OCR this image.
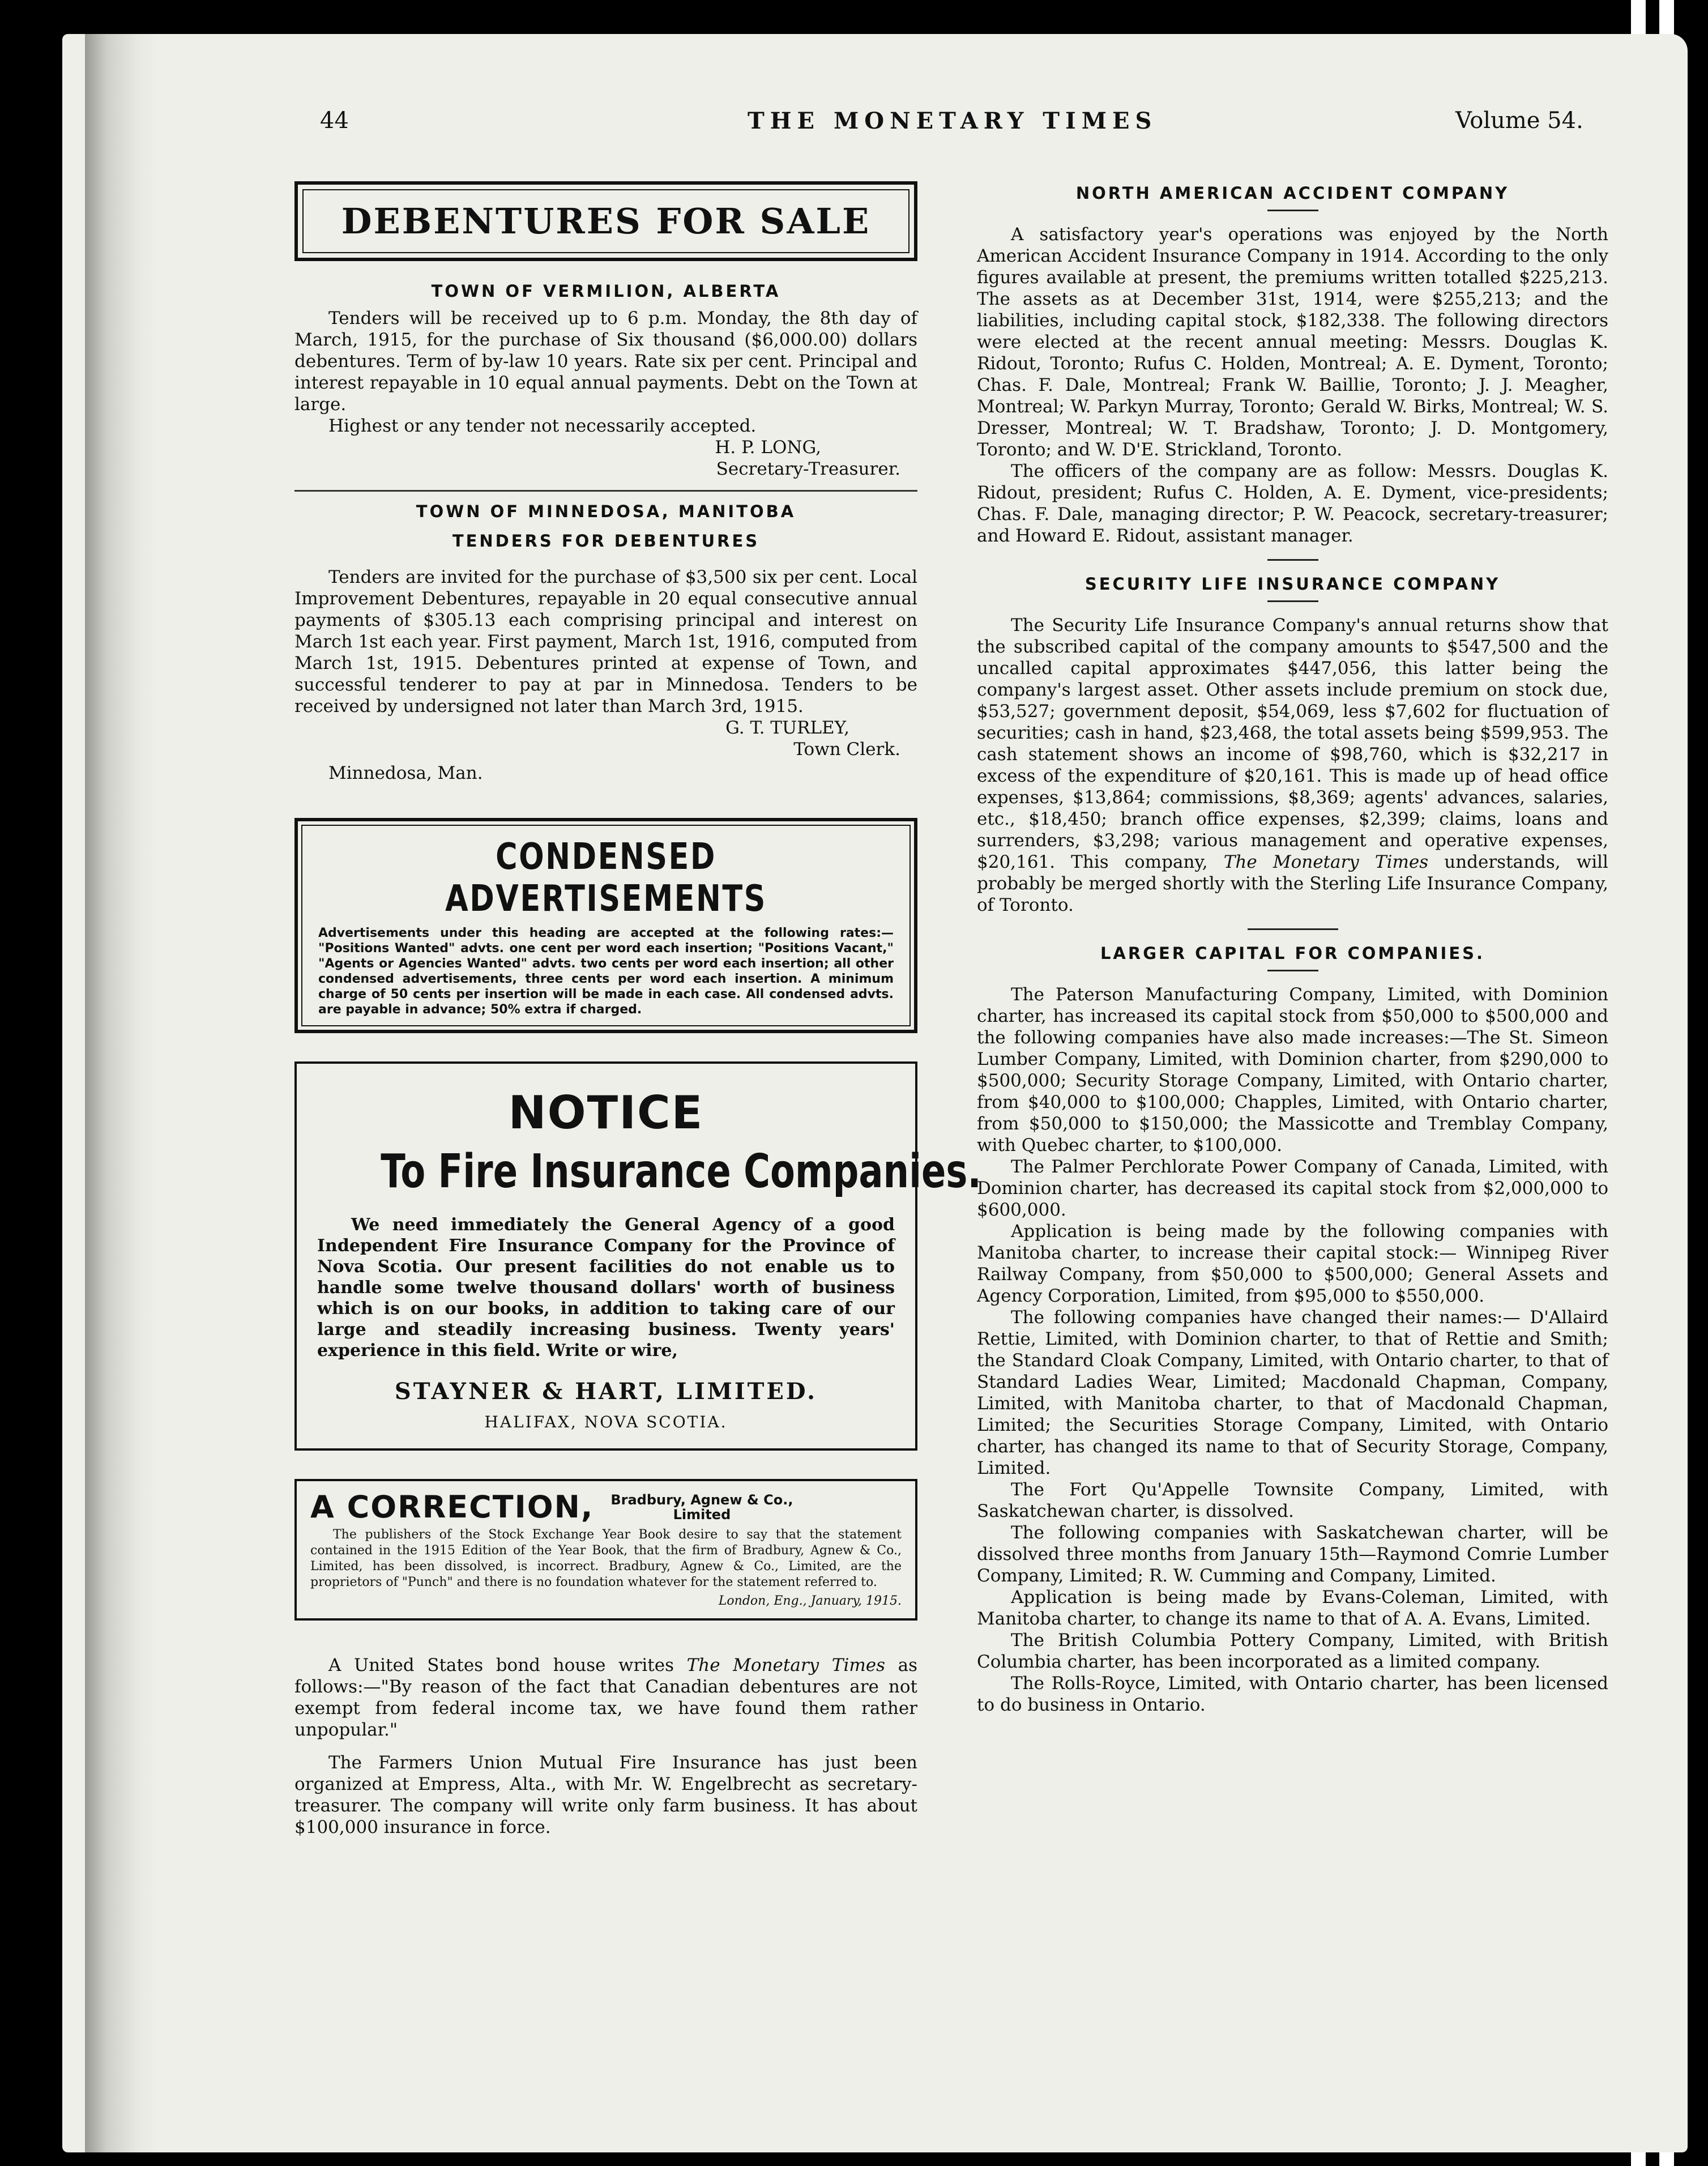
44	THE MONETARY TIMES	Volume 54.
DEBENTURES FOR SALE
TOWN OF VERMILION, ALBERTA

Tenders will be received up to 6 p.m. Monday, the 8th day of March, 1915, for the purchase of Six thousand ($6,000.00) dollars debentures. Term of by-law 10 years. Rate six per cent. Principal and interest repayable in 10 equal annual payments. Debt on the Town at large.

Highest or any tender not necessarily accepted.

H. P. LONG,
Secretary-Treasurer.
TOWN OF MINNEDOSA, MANITOBA
TENDERS FOR DEBENTURES

Tenders are invited for the purchase of $3,500 six per cent. Local Improvement Debentures, repayable in 20 equal consecutive annual payments of $305.13 each comprising principal and interest on March 1st each year. First payment, March 1st, 1916, computed from March 1st, 1915. Debentures printed at expense of Town, and successful tenderer to pay at par in Minnedosa. Tenders to be received by undersigned not later than March 3rd, 1915.

G. T. TURLEY,
Town Clerk.
Minnedosa, Man.
CONDENSED ADVERTISEMENTS
Advertisements under this heading are accepted at the following rates:— "Positions Wanted" advts. one cent per word each insertion; "Positions Vacant," "Agents or Agencies Wanted" advts. two cents per word each insertion; all other condensed advertisements, three cents per word each insertion. A minimum charge of 50 cents per insertion will be made in each case. All condensed advts. are payable in advance; 50% extra if charged.
NOTICE
To Fire Insurance Companies.
We need immediately the General Agency of a good Independent Fire Insurance Company for the Province of Nova Scotia. Our present facilities do not enable us to handle some twelve thousand dollars' worth of business which is on our books, in addition to taking care of our large and steadily increasing business. Twenty years' experience in this field. Write or wire,
STAYNER & HART, LIMITED.
HALIFAX, NOVA SCOTIA.
A CORRECTION, Bradbury, Agnew & Co.,
Limited
The publishers of the Stock Exchange Year Book desire to say that the statement contained in the 1915 Edition of the Year Book, that the firm of Bradbury, Agnew & Co., Limited, has been dissolved, is incorrect. Bradbury, Agnew & Co., Limited, are the proprietors of "Punch" and there is no foundation whatever for the statement referred to.
London, Eng., January, 1915.

A United States bond house writes The Monetary Times as follows:—"By reason of the fact that Canadian debentures are not exempt from federal income tax, we have found them rather unpopular."

The Farmers Union Mutual Fire Insurance has just been organized at Empress, Alta., with Mr. W. Engelbrecht as secretary-treasurer. The company will write only farm business. It has about $100,000 insurance in force.

NORTH AMERICAN ACCIDENT COMPANY

A satisfactory year's operations was enjoyed by the North American Accident Insurance Company in 1914. According to the only figures available at present, the premiums written totalled $225,213. The assets as at December 31st, 1914, were $255,213; and the liabilities, including capital stock, $182,338. The following directors were elected at the recent annual meeting: Messrs. Douglas K. Ridout, Toronto; Rufus C. Holden, Montreal; A. E. Dyment, Toronto; Chas. F. Dale, Montreal; Frank W. Baillie, Toronto; J. J. Meagher, Montreal; W. Parkyn Murray, Toronto; Gerald W. Birks, Montreal; W. S. Dresser, Montreal; W. T. Bradshaw, Toronto; J. D. Montgomery, Toronto; and W. D'E. Strickland, Toronto.

The officers of the company are as follow: Messrs. Douglas K. Ridout, president; Rufus C. Holden, A. E. Dyment, vice-presidents; Chas. F. Dale, managing director; P. W. Peacock, secretary-treasurer; and Howard E. Ridout, assistant manager.

SECURITY LIFE INSURANCE COMPANY

The Security Life Insurance Company's annual returns show that the subscribed capital of the company amounts to $547,500 and the uncalled capital approximates $447,056, this latter being the company's largest asset. Other assets include premium on stock due, $53,527; government deposit, $54,069, less $7,602 for fluctuation of securities; cash in hand, $23,468, the total assets being $599,953. The cash statement shows an income of $98,760, which is $32,217 in excess of the expenditure of $20,161. This is made up of head office expenses, $13,864; commissions, $8,369; agents' advances, salaries, etc., $18,450; branch office expenses, $2,399; claims, loans and surrenders, $3,298; various management and operative expenses, $20,161. This company, The Monetary Times understands, will probably be merged shortly with the Sterling Life Insurance Company, of Toronto.

LARGER CAPITAL FOR COMPANIES.

The Paterson Manufacturing Company, Limited, with Dominion charter, has increased its capital stock from $50,000 to $500,000 and the following companies have also made increases:—The St. Simeon Lumber Company, Limited, with Dominion charter, from $290,000 to $500,000; Security Storage Company, Limited, with Ontario charter, from $40,000 to $100,000; Chapples, Limited, with Ontario charter, from $50,000 to $150,000; the Massicotte and Tremblay Company, with Quebec charter, to $100,000.

The Palmer Perchlorate Power Company of Canada, Limited, with Dominion charter, has decreased its capital stock from $2,000,000 to $600,000.

Application is being made by the following companies with Manitoba charter, to increase their capital stock:— Winnipeg River Railway Company, from $50,000 to $500,000; General Assets and Agency Corporation, Limited, from $95,000 to $550,000.

The following companies have changed their names:— D'Allaird Rettie, Limited, with Dominion charter, to that of Rettie and Smith; the Standard Cloak Company, Limited, with Ontario charter, to that of Standard Ladies Wear, Limited; Macdonald Chapman, Company, Limited, with Manitoba charter, to that of Macdonald Chapman, Limited; the Securities Storage Company, Limited, with Ontario charter, has changed its name to that of Security Storage, Company, Limited.

The Fort Qu'Appelle Townsite Company, Limited, with Saskatchewan charter, is dissolved.

The following companies with Saskatchewan charter, will be dissolved three months from January 15th—Raymond Comrie Lumber Company, Limited; R. W. Cumming and Company, Limited.

Application is being made by Evans-Coleman, Limited, with Manitoba charter, to change its name to that of A. A. Evans, Limited.

The British Columbia Pottery Company, Limited, with British Columbia charter, has been incorporated as a limited company.

The Rolls-Royce, Limited, with Ontario charter, has been licensed to do business in Ontario.
